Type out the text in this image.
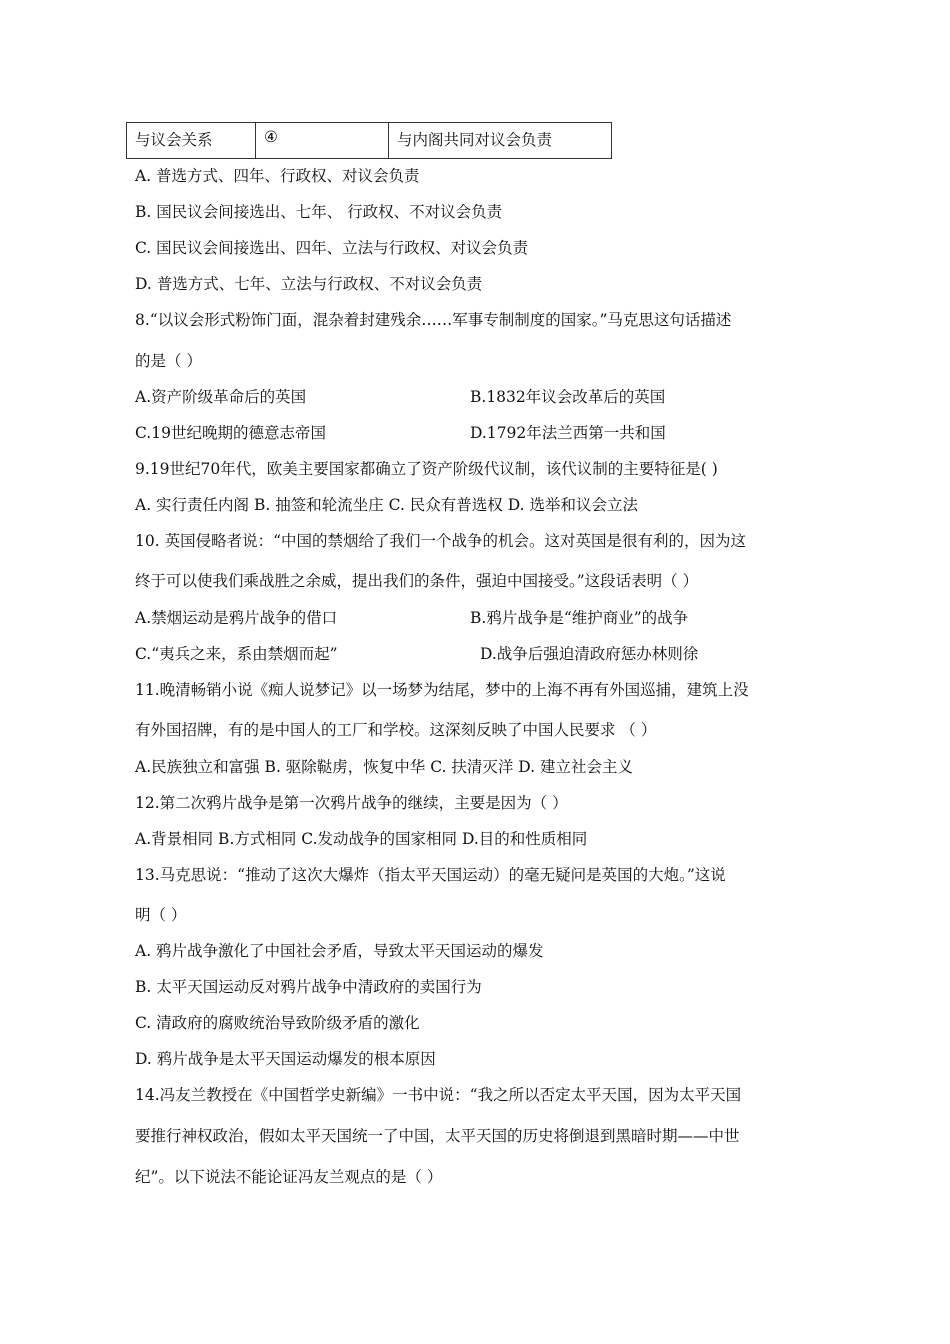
与议会关系	④	与内阁共同对议会负责
A. 普选方式、四年、行政权、对议会负责
B. 国民议会间接选出、七年、 行政权、不对议会负责
C. 国民议会间接选出、四年、立法与行政权、对议会负责
D. 普选方式、七年、立法与行政权、不对议会负责
8.“以议会形式粉饰门面，混杂着封建残余……军事专制制度的国家。”马克思这句话描述
的是（ ）
A.资产阶级革命后的英国	B.1832年议会改革后的英国
C.19世纪晚期的德意志帝国	D.1792年法兰西第一共和国
9.19世纪70年代，欧美主要国家都确立了资产阶级代议制，该代议制的主要特征是( )
A. 实行责任内阁 B. 抽签和轮流坐庄 C. 民众有普选权 D. 选举和议会立法
10. 英国侵略者说：“中国的禁烟给了我们一个战争的机会。这对英国是很有利的，因为这
终于可以使我们乘战胜之余威，提出我们的条件，强迫中国接受。”这段话表明（ ）
A.禁烟运动是鸦片战争的借口	B.鸦片战争是“维护商业”的战争
C.“夷兵之来，系由禁烟而起”	D.战争后强迫清政府惩办林则徐
11.晚清畅销小说《痴人说梦记》以一场梦为结尾，梦中的上海不再有外国巡捕，建筑上没
有外国招牌，有的是中国人的工厂和学校。这深刻反映了中国人民要求 （ ）
A.民族独立和富强 B. 驱除鞑虏，恢复中华 C. 扶清灭洋 D. 建立社会主义
12.第二次鸦片战争是第一次鸦片战争的继续，主要是因为（ ）
A.背景相同 B.方式相同 C.发动战争的国家相同 D.目的和性质相同
13.马克思说：“推动了这次大爆炸（指太平天国运动）的毫无疑问是英国的大炮。”这说
明（ ）
A. 鸦片战争激化了中国社会矛盾，导致太平天国运动的爆发
B. 太平天国运动反对鸦片战争中清政府的卖国行为
C. 清政府的腐败统治导致阶级矛盾的激化
D. 鸦片战争是太平天国运动爆发的根本原因
14.冯友兰教授在《中国哲学史新编》一书中说：“我之所以否定太平天国，因为太平天国
要推行神权政治，假如太平天国统一了中国，太平天国的历史将倒退到黑暗时期——中世
纪”。以下说法不能论证冯友兰观点的是（ ）
